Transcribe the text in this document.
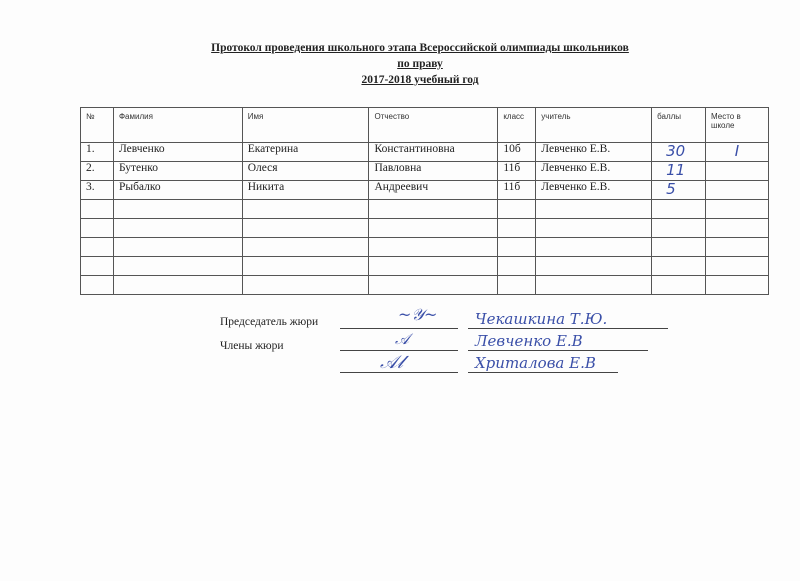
Протокол проведения школьного этапа Всероссийской олимпиады школьников
по праву
2017-2018 учебный год
№	Фамилия	Имя	Отчество	класс	учитель	баллы	Место в школе
1.	Левченко	Екатерина	Константиновна	10б	Левченко Е.В.	30	I
2.	Бутенко	Олеся	Павловна	11б	Левченко Е.В.	11	
3.	Рыбалко	Никита	Андреевич	11б	Левченко Е.В.	5	

Председатель жюри
Члены жюри
~𝒴~
𝒜
𝒜𝓁
Чекашкина Т.Ю.
Левченко Е.В
Хриталова Е.В
